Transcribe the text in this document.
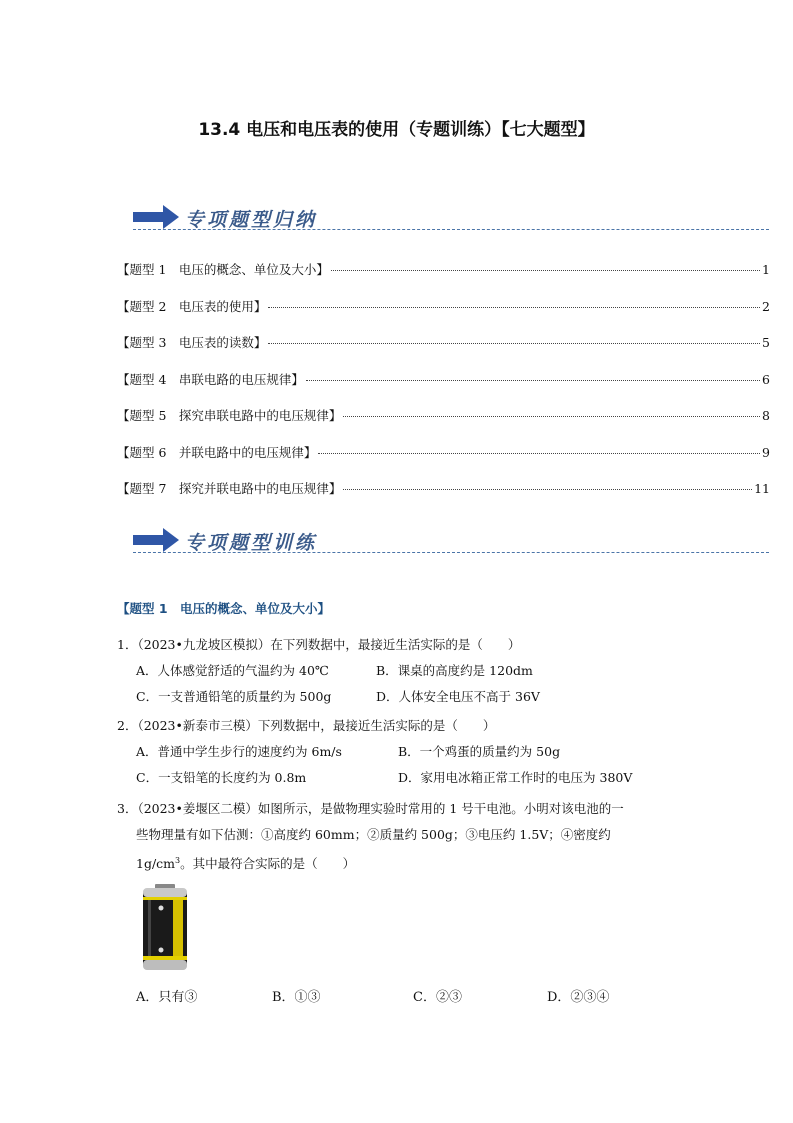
13.4 电压和电压表的使用（专题训练）【七大题型】
专项题型归纳
【题型 1　电压的概念、单位及大小】	1
【题型 2　电压表的使用】	2
【题型 3　电压表的读数】	5
【题型 4　串联电路的电压规律】	6
【题型 5　探究串联电路中的电压规律】	8
【题型 6　并联电路中的电压规律】	9
【题型 7　探究并联电路中的电压规律】	11
专项题型训练
【题型 1　电压的概念、单位及大小】
1．（2023•九龙坡区模拟）在下列数据中，最接近生活实际的是（　　）
A．人体感觉舒适的气温约为 40℃	B．课桌的高度约是 120dm
C．一支普通铅笔的质量约为 500g	D．人体安全电压不高于 36V
2．（2023•新泰市三模）下列数据中，最接近生活实际的是（　　）
A．普通中学生步行的速度约为 6m/s	B．一个鸡蛋的质量约为 50g
C．一支铅笔的长度约为 0.8m	D．家用电冰箱正常工作时的电压为 380V
3．（2023•姜堰区二模）如图所示，是做物理实验时常用的 1 号干电池。小明对该电池的一
些物理量有如下估测：①高度约 60mm；②质量约 500g；③电压约 1.5V；④密度约
$1g/cm^3$。其中最符合实际的是（　　）
A．只有③	B．①③	C．②③	D．②③④
